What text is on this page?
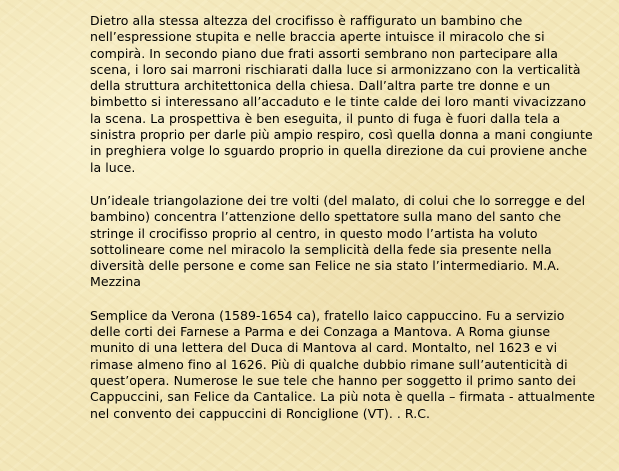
Dietro alla stessa altezza del crocifisso è raffigurato un bambino che nell’espressione stupita e nelle braccia aperte intuisce il miracolo che si compirà. In secondo piano due frati assorti sembrano non partecipare alla scena, i loro sai marroni rischiarati dalla luce si armonizzano con la verticalità della struttura architettonica della chiesa. Dall’altra parte tre donne e un bimbetto si interessano all’accaduto e le tinte calde dei loro manti vivacizzano la scena. La prospettiva è ben eseguita, il punto di fuga è fuori dalla tela a sinistra proprio per darle più ampio respiro, così quella donna a mani congiunte in preghiera volge lo sguardo proprio in quella direzione da cui proviene anche la luce.

Un’ideale triangolazione dei tre volti (del malato, di colui che lo sorregge e del bambino) concentra l’attenzione dello spettatore sulla mano del santo che stringe il crocifisso proprio al centro, in questo modo l’artista ha voluto sottolineare come nel miracolo la semplicità della fede sia presente nella diversità delle persone e come san Felice ne sia stato l’intermediario. M.A. Mezzina

Semplice da Verona (1589-1654 ca), fratello laico cappuccino. Fu a servizio delle corti dei Farnese a Parma e dei Conzaga a Mantova. A Roma giunse munito di una lettera del Duca di Mantova al card. Montalto, nel 1623 e vi rimase almeno fino al 1626. Più di qualche dubbio rimane sull’autenticità di quest’opera. Numerose le sue tele che hanno per soggetto il primo santo dei Cappuccini, san Felice da Cantalice. La più nota è quella – firmata - attualmente nel convento dei cappuccini di Ronciglione (VT). . R.C.
